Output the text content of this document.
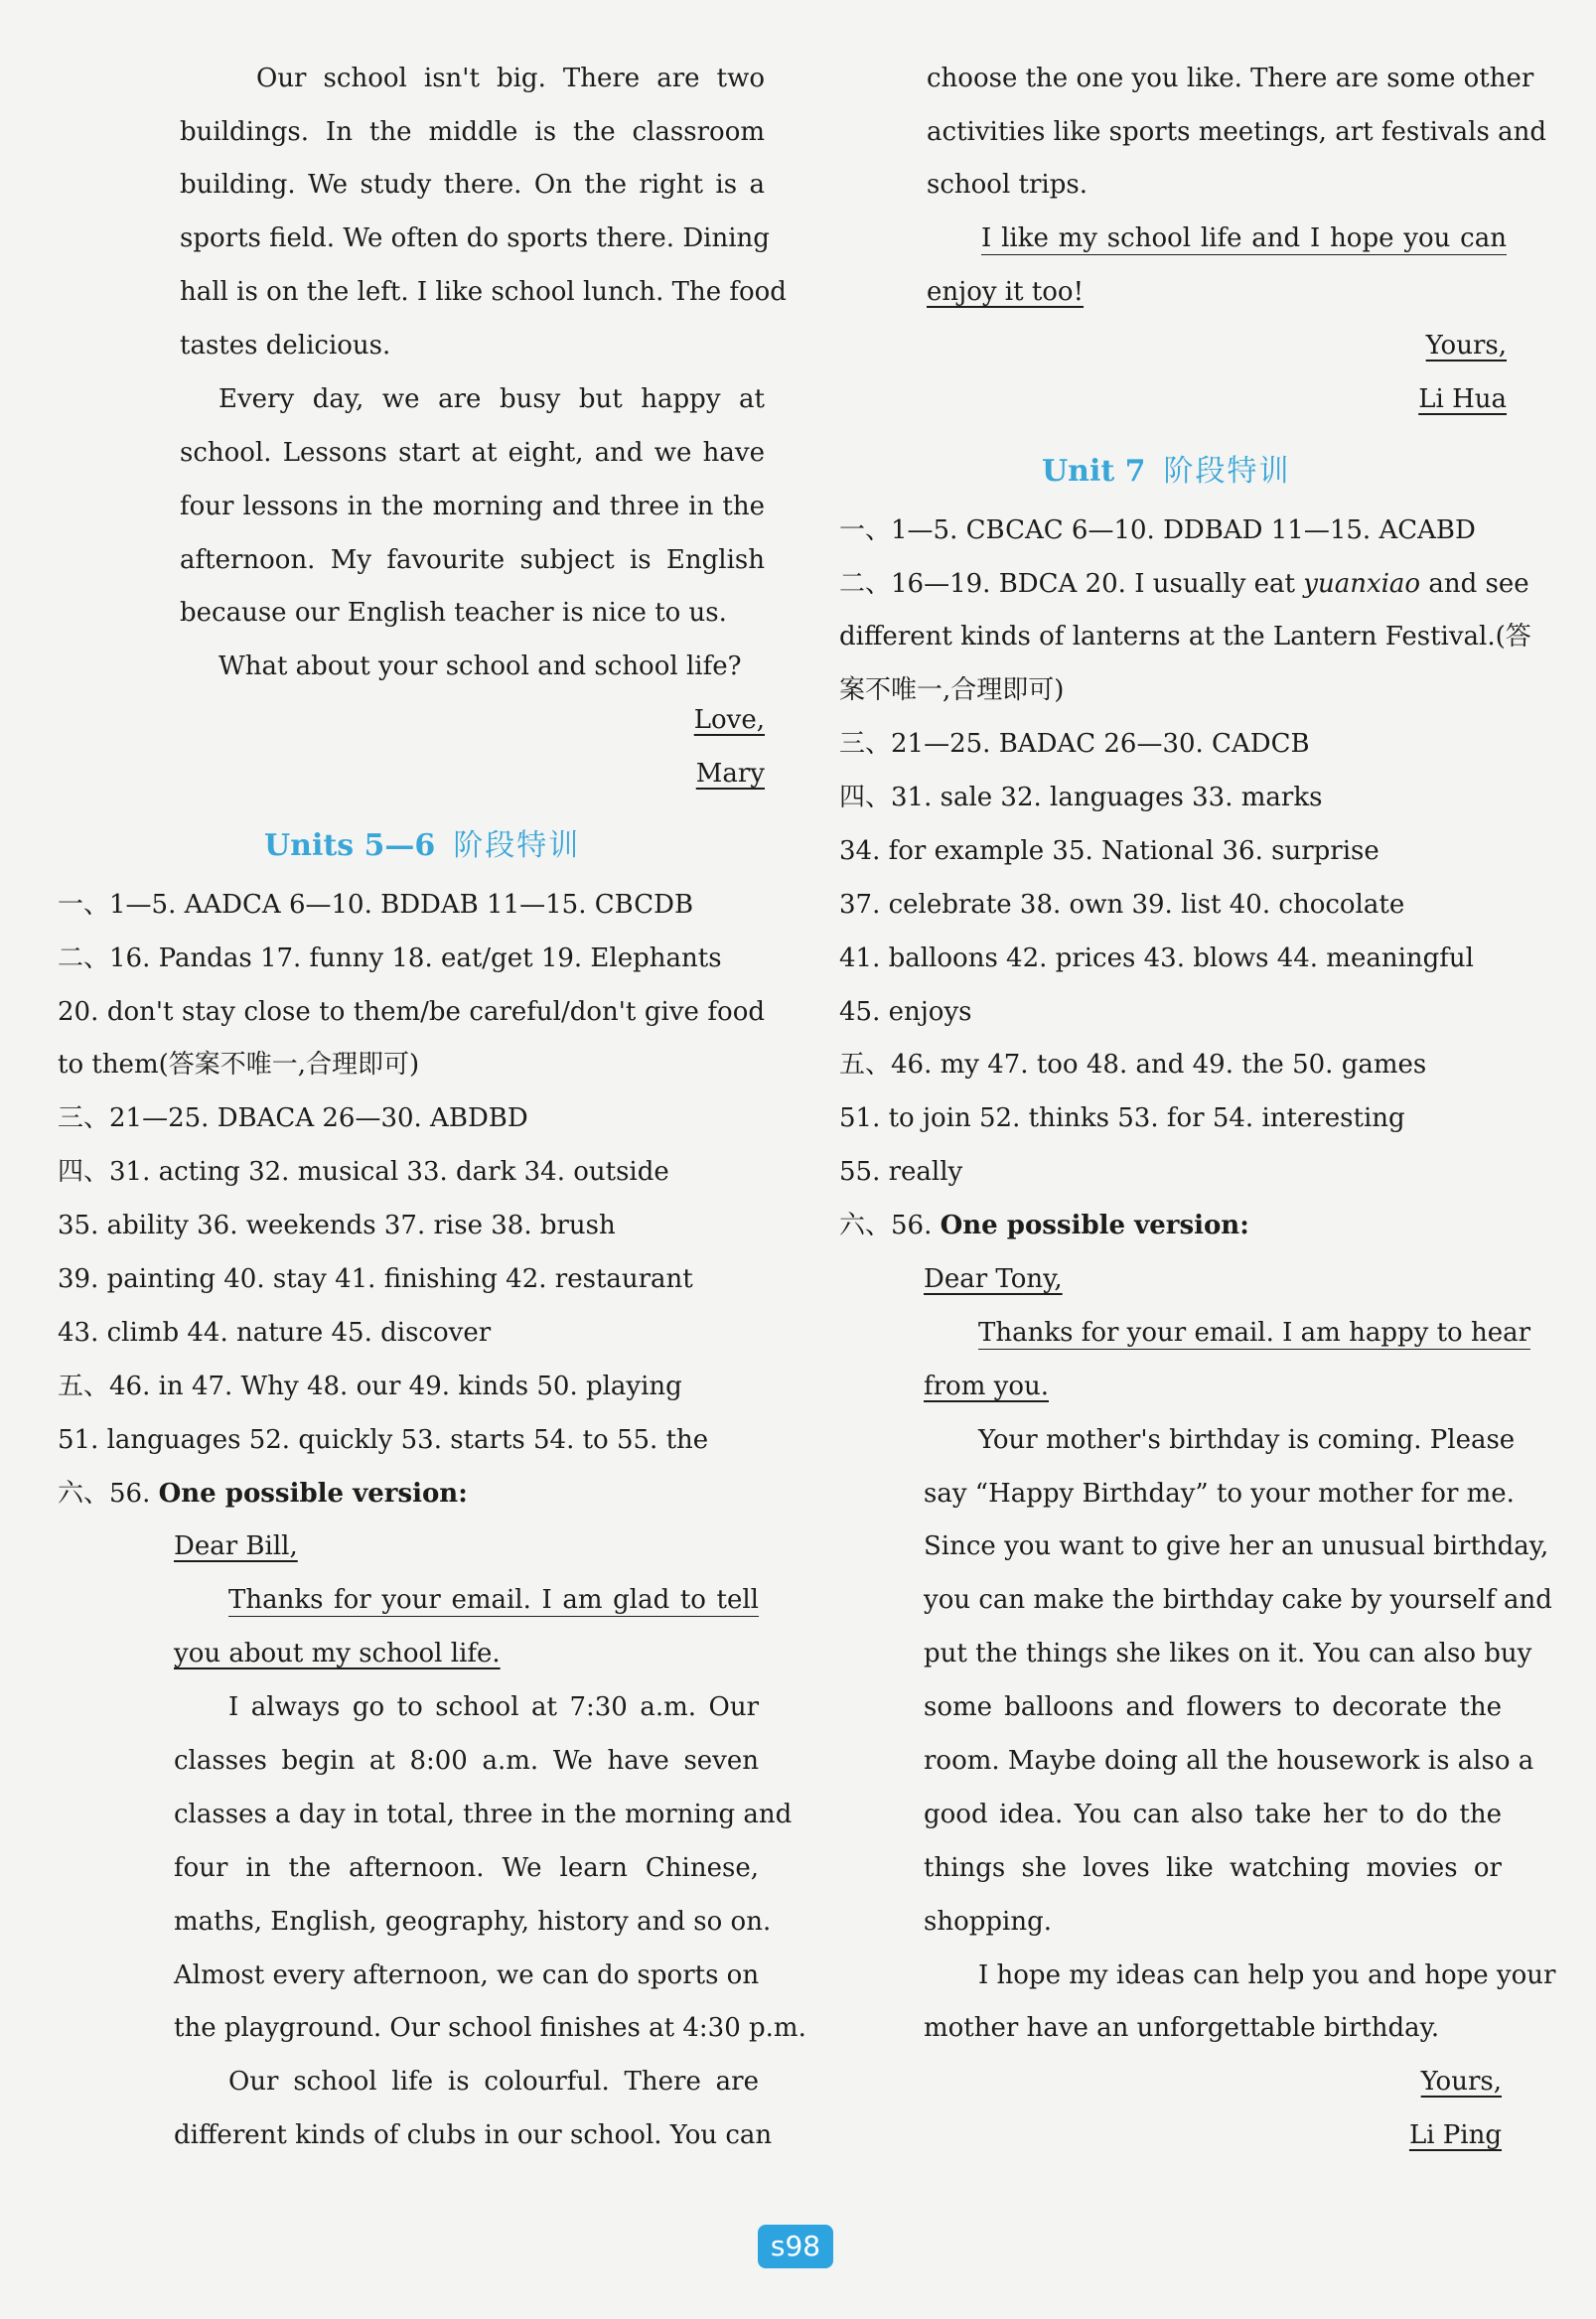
Our school isn't big. There are two
buildings. In the middle is the classroom
building. We study there. On the right is a
sports field. We often do sports there. Dining
hall is on the left. I like school lunch. The food
tastes delicious.
Every day, we are busy but happy at
school. Lessons start at eight, and we have
four lessons in the morning and three in the
afternoon. My favourite subject is English
because our English teacher is nice to us.
What about your school and school life?
Love,
Mary
Units 5—6 阶段特训
一、1—5. AADCA 6—10. BDDAB 11—15. CBCDB
二、16. Pandas 17. funny 18. eat/get 19. Elephants
20. don't stay close to them/be careful/don't give food
to them(答案不唯一,合理即可)
三、21—25. DBACA 26—30. ABDBD
四、31. acting 32. musical 33. dark 34. outside
35. ability 36. weekends 37. rise 38. brush
39. painting 40. stay 41. finishing 42. restaurant
43. climb 44. nature 45. discover
五、46. in 47. Why 48. our 49. kinds 50. playing
51. languages 52. quickly 53. starts 54. to 55. the
六、56. One possible version:
Dear Bill,
Thanks for your email. I am glad to tell
you about my school life.
I always go to school at 7:30 a.m. Our
classes begin at 8:00 a.m. We have seven
classes a day in total, three in the morning and
four in the afternoon. We learn Chinese,
maths, English, geography, history and so on.
Almost every afternoon, we can do sports on
the playground. Our school finishes at 4:30 p.m.
Our school life is colourful. There are
different kinds of clubs in our school. You can
choose the one you like. There are some other
activities like sports meetings, art festivals and
school trips.
I like my school life and I hope you can
enjoy it too!
Yours,
Li Hua
Unit 7 阶段特训
一、1—5. CBCAC 6—10. DDBAD 11—15. ACABD
二、16—19. BDCA 20. I usually eat yuanxiao and see
different kinds of lanterns at the Lantern Festival.(答
案不唯一,合理即可)
三、21—25. BADAC 26—30. CADCB
四、31. sale 32. languages 33. marks
34. for example 35. National 36. surprise
37. celebrate 38. own 39. list 40. chocolate
41. balloons 42. prices 43. blows 44. meaningful
45. enjoys
五、46. my 47. too 48. and 49. the 50. games
51. to join 52. thinks 53. for 54. interesting
55. really
六、56. One possible version:
Dear Tony,
Thanks for your email. I am happy to hear
from you.
Your mother's birthday is coming. Please
say “Happy Birthday” to your mother for me.
Since you want to give her an unusual birthday,
you can make the birthday cake by yourself and
put the things she likes on it. You can also buy
some balloons and flowers to decorate the
room. Maybe doing all the housework is also a
good idea. You can also take her to do the
things she loves like watching movies or
shopping.
I hope my ideas can help you and hope your
mother have an unforgettable birthday.
Yours,
Li Ping
s98
